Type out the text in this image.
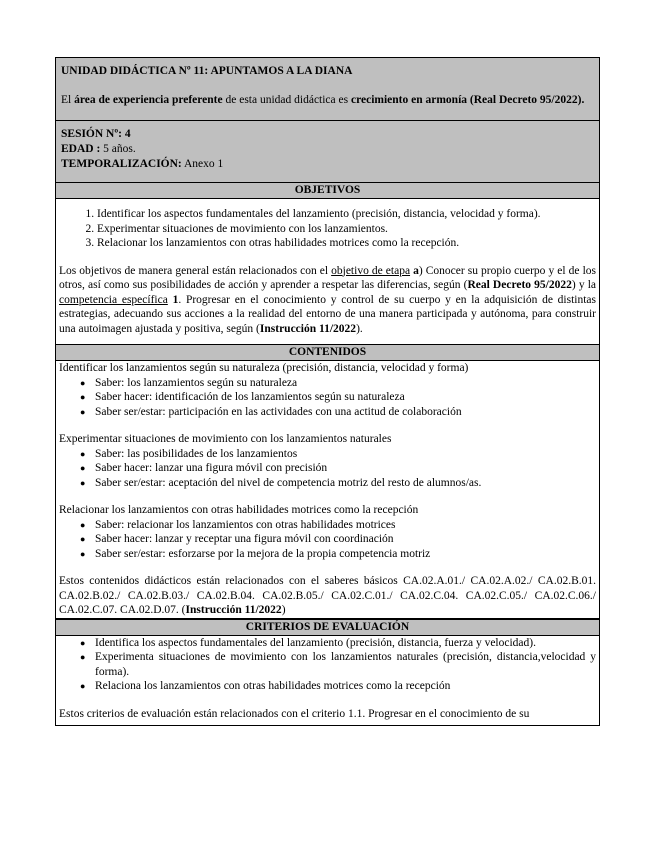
UNIDAD DIDÁCTICA Nº 11: APUNTAMOS A LA DIANA
El área de experiencia preferente de esta unidad didáctica es crecimiento en armonía (Real Decreto 95/2022).
SESIÓN Nº: 4
EDAD : 5 años.
TEMPORALIZACIÓN: Anexo 1
OBJETIVOS
1. Identificar los aspectos fundamentales del lanzamiento (precisión, distancia, velocidad y forma).
2. Experimentar situaciones de movimiento con los lanzamientos.
3. Relacionar los lanzamientos con otras habilidades motrices como la recepción.
Los objetivos de manera general están relacionados con el objetivo de etapa a) Conocer su propio cuerpo y el de los otros, así como sus posibilidades de acción y aprender a respetar las diferencias, según (Real Decreto 95/2022) y la competencia específica 1. Progresar en el conocimiento y control de su cuerpo y en la adquisición de distintas estrategias, adecuando sus acciones a la realidad del entorno de una manera participada y autónoma, para construir una autoimagen ajustada y positiva, según (Instrucción 11/2022).
CONTENIDOS
Identificar los lanzamientos según su naturaleza (precisión, distancia, velocidad y forma)
● Saber: los lanzamientos según su naturaleza
● Saber hacer: identificación de los lanzamientos según su naturaleza
● Saber ser/estar: participación en las actividades con una actitud de colaboración
Experimentar situaciones de movimiento con los lanzamientos naturales
● Saber: las posibilidades de los lanzamientos
● Saber hacer: lanzar una figura móvil con precisión
● Saber ser/estar: aceptación del nivel de competencia motriz del resto de alumnos/as.
Relacionar los lanzamientos con otras habilidades motrices como la recepción
● Saber: relacionar los lanzamientos con otras habilidades motrices
● Saber hacer: lanzar y receptar una figura móvil con coordinación
● Saber ser/estar: esforzarse por la mejora de la propia competencia motriz
Estos contenidos didácticos están relacionados con el saberes básicos CA.02.A.01./ CA.02.A.02./ CA.02.B.01. CA.02.B.02./ CA.02.B.03./ CA.02.B.04. CA.02.B.05./ CA.02.C.01./ CA.02.C.04. CA.02.C.05./ CA.02.C.06./ CA.02.C.07. CA.02.D.07. (Instrucción 11/2022)
CRITERIOS DE EVALUACIÓN
● Identifica los aspectos fundamentales del lanzamiento (precisión, distancia, fuerza y velocidad).
● Experimenta situaciones de movimiento con los lanzamientos naturales (precisión, distancia,velocidad y forma).
● Relaciona los lanzamientos con otras habilidades motrices como la recepción
Estos criterios de evaluación están relacionados con el criterio 1.1. Progresar en el conocimiento de su
